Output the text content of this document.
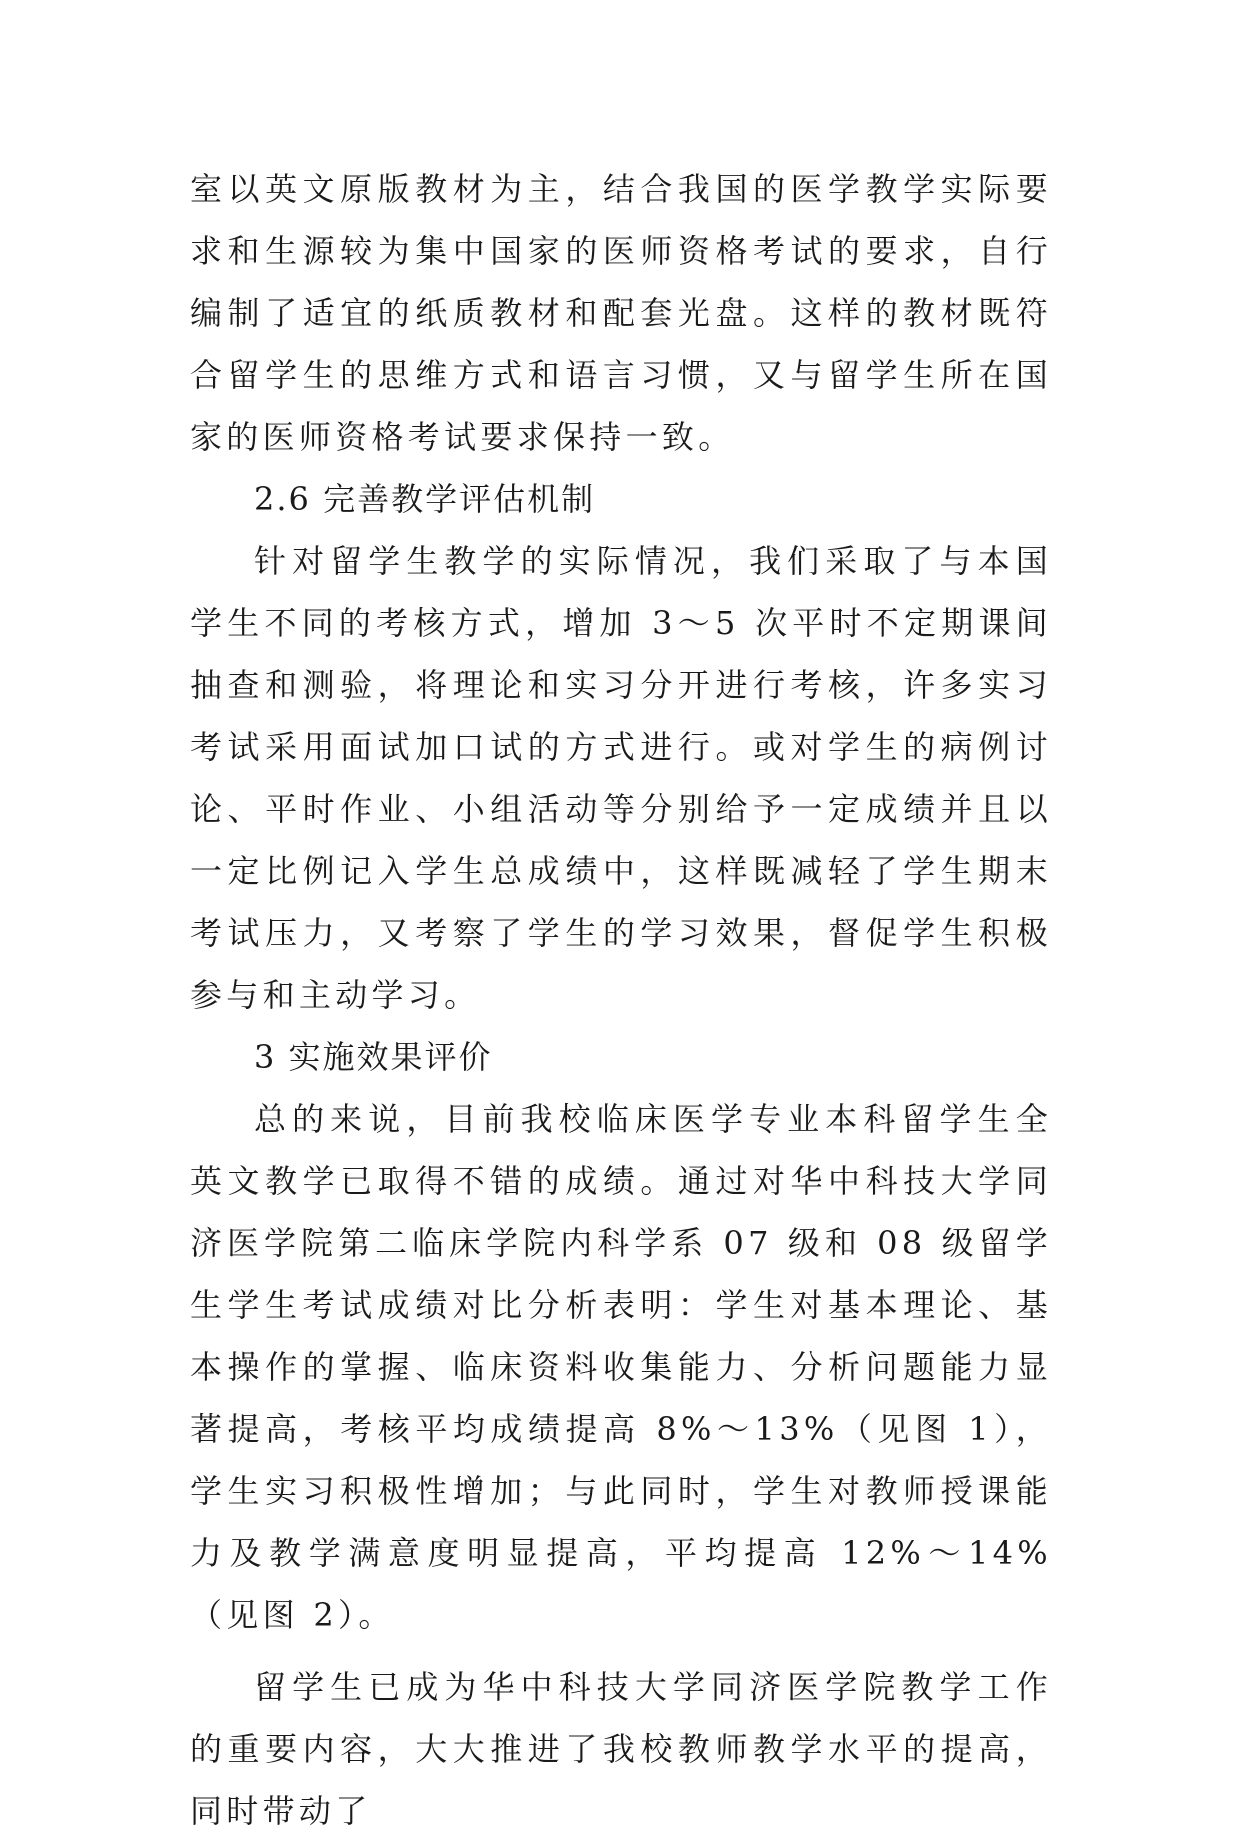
室以英文原版教材为主，结合我国的医学教学实际要求和生源较为集中国家的医师资格考试的要求，自行编制了适宜的纸质教材和配套光盘。这样的教材既符合留学生的思维方式和语言习惯，又与留学生所在国家的医师资格考试要求保持一致。

2.6 完善教学评估机制

针对留学生教学的实际情况，我们采取了与本国学生不同的考核方式，增加 3～5 次平时不定期课间抽查和测验，将理论和实习分开进行考核，许多实习考试采用面试加口试的方式进行。或对学生的病例讨论、平时作业、小组活动等分别给予一定成绩并且以一定比例记入学生总成绩中，这样既减轻了学生期末考试压力，又考察了学生的学习效果，督促学生积极参与和主动学习。

3 实施效果评价

总的来说，目前我校临床医学专业本科留学生全英文教学已取得不错的成绩。通过对华中科技大学同济医学院第二临床学院内科学系 07 级和 08 级留学生学生考试成绩对比分析表明：学生对基本理论、基本操作的掌握、临床资料收集能力、分析问题能力显著提高，考核平均成绩提高 8%～13%（见图 1），学生实习积极性增加；与此同时，学生对教师授课能力及教学满意度明显提高，平均提高 12%～14%（见图 2）。

留学生已成为华中科技大学同济医学院教学工作的重要内容，大大推进了我校教师教学水平的提高，同时带动了
